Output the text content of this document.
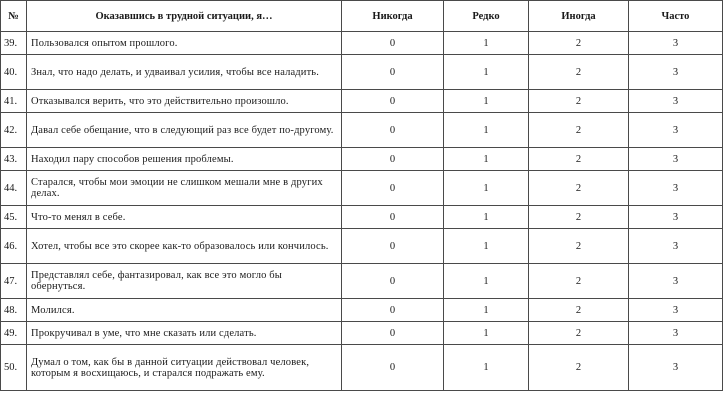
№	Оказавшись в трудной ситуации, я…	Никогда	Редко	Иногда	Часто
39.	Пользовался опытом прошлого.	0	1	2	3
40.	Знал, что надо делать, и удваивал усилия, чтобы все наладить.	0	1	2	3
41.	Отказывался верить, что это действительно произошло.	0	1	2	3
42.	Давал себе обещание, что в следующий раз все будет по-другому.	0	1	2	3
43.	Находил пару способов решения проблемы.	0	1	2	3
44.	Старался, чтобы мои эмоции не слишком мешали мне в других делах.	0	1	2	3
45.	Что-то менял в себе.	0	1	2	3
46.	Хотел, чтобы все это скорее как-то образовалось или кончилось.	0	1	2	3
47.	Представлял себе, фантазировал, как все это могло бы обернуться.	0	1	2	3
48.	Молился.	0	1	2	3
49.	Прокручивал в уме, что мне сказать или сделать.	0	1	2	3
50.	Думал о том, как бы в данной ситуации действовал человек, которым я восхищаюсь, и старался подражать ему.	0	1	2	3
